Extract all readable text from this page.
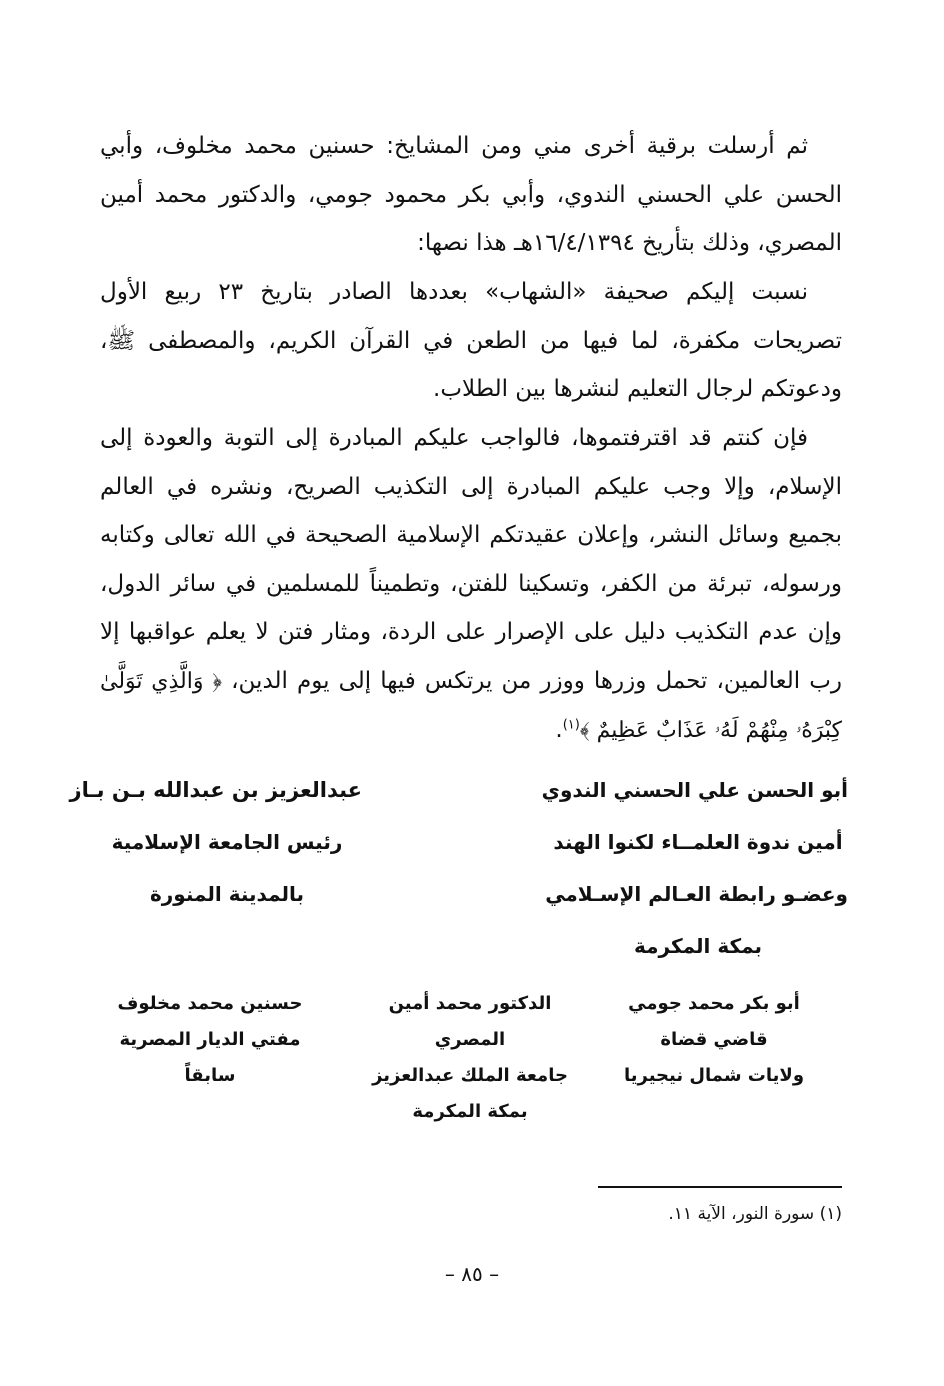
ثم أرسلت برقية أخرى مني ومن المشايخ: حسنين محمد مخلوف، وأبي الحسن علي الحسني الندوي، وأبي بكر محمود جومي، والدكتور محمد أمين المصري، وذلك بتأريخ ١٦/٤/١٣٩٤هـ هذا نصها:

نسبت إليكم صحيفة «الشهاب» بعددها الصادر بتاريخ ٢٣ ربيع الأول تصريحات مكفرة، لما فيها من الطعن في القرآن الكريم، والمصطفى ﷺ، ودعوتكم لرجال التعليم لنشرها بين الطلاب.

فإن كنتم قد اقترفتموها، فالواجب عليكم المبادرة إلى التوبة والعودة إلى الإسلام، وإلا وجب عليكم المبادرة إلى التكذيب الصريح، ونشره في العالم بجميع وسائل النشر، وإعلان عقيدتكم الإسلامية الصحيحة في الله تعالى وكتابه ورسوله، تبرئة من الكفر، وتسكينا للفتن، وتطميناً للمسلمين في سائر الدول، وإن عدم التكذيب دليل على الإصرار على الردة، ومثار فتن لا يعلم عواقبها إلا رب العالمين، تحمل وزرها ووزر من يرتكس فيها إلى يوم الدين، ﴿ وَالَّذِي تَوَلَّىٰ كِبْرَهُۥ مِنْهُمْ لَهُۥ عَذَابٌ عَظِيمٌ ﴾$^{(١)}$.

أبو الحسن علي الحسني الندوي
أمين ندوة العلمــاء لكنوا الهند
وعضـو رابطة العـالم الإسـلامي
بمكة المكرمة
عبدالعزيز بن عبدالله بـن بـاز
رئيس الجامعة الإسلامية
بالمدينة المنورة
أبو بكر محمد جومي
قاضي قضاة
ولايات شمال نيجيريا
الدكتور محمد أمين المصري
جامعة الملك عبدالعزيز
بمكة المكرمة
حسنين محمد مخلوف
مفتي الديار المصرية سابقاً
(١) سورة النور، الآية ١١.
– ٨٥ –
